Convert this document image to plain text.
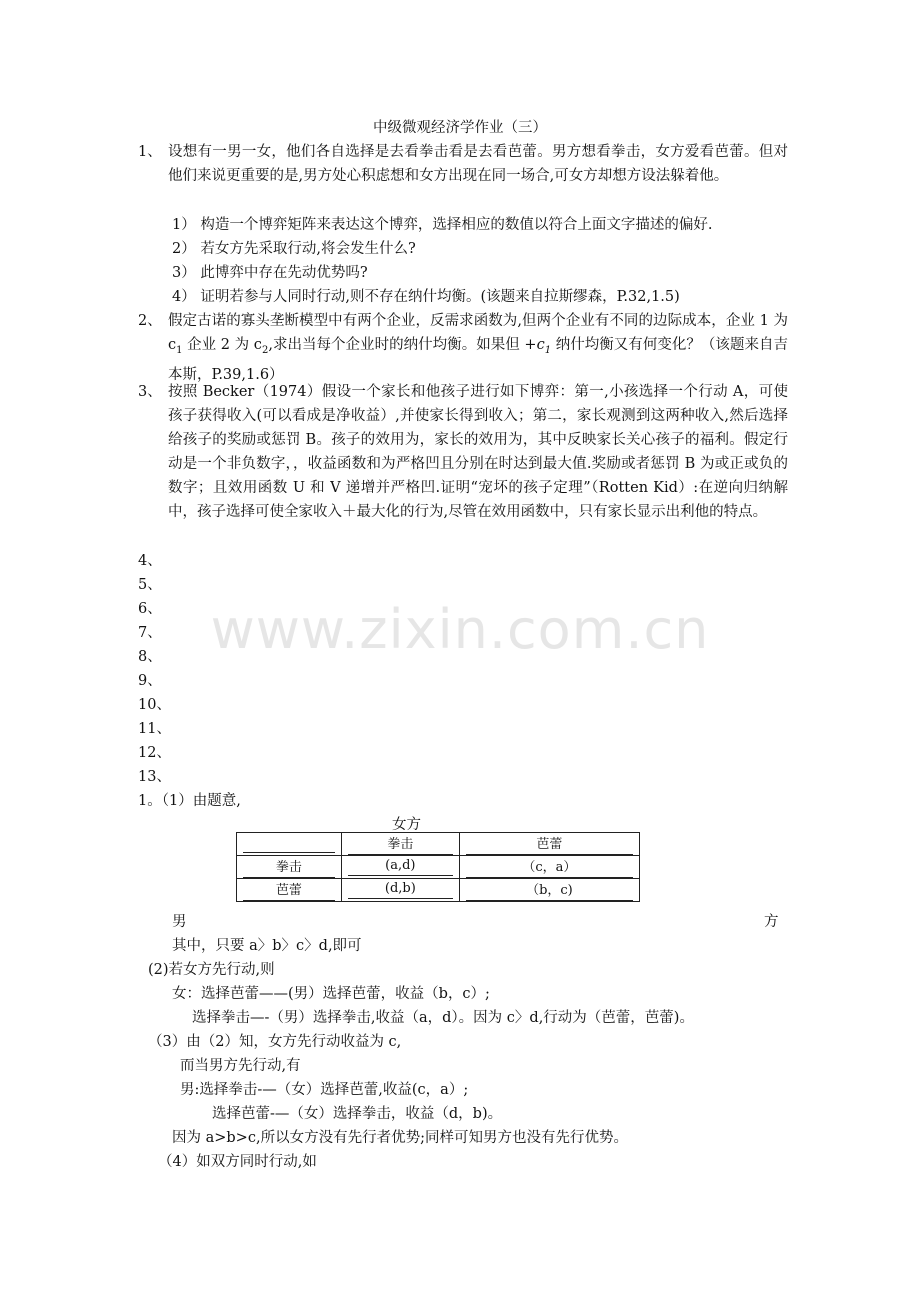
中级微观经济学作业（三）
1、 设想有一男一女，他们各自选择是去看拳击看是去看芭蕾。男方想看拳击，女方爱看芭蕾。但对他们来说更重要的是,男方处心积虑想和女方出现在同一场合,可女方却想方设法躲着他。
1） 构造一个博弈矩阵来表达这个博弈，选择相应的数值以符合上面文字描述的偏好.
2） 若女方先采取行动,将会发生什么?
3） 此博弈中存在先动优势吗?
4） 证明若参与人同时行动,则不存在纳什均衡。(该题来自拉斯缪森，P.32,1.5)
2、 假定古诺的寡头垄断模型中有两个企业，反需求函数为,但两个企业有不同的边际成本，企业 1 为 $c_1$ 企业 2 为 $c_2$,求出当每个企业时的纳什均衡。如果但 $+c_1$ 纳什均衡又有何变化？（该题来自吉本斯，P.39,1.6）
3、 按照 Becker（1974）假设一个家长和他孩子进行如下博弈：第一,小孩选择一个行动 A，可使孩子获得收入(可以看成是净收益）,并使家长得到收入；第二，家长观测到这两种收入,然后选择给孩子的奖励或惩罚 B。孩子的效用为，家长的效用为，其中反映家长关心孩子的福利。假定行动是一个非负数字，，收益函数和为严格凹且分别在时达到最大值.奖励或者惩罚 B 为或正或负的数字；且效用函数 U 和 V 递增并严格凹.证明“宠坏的孩子定理”（Rotten Kid）:在逆向归纳解中，孩子选择可使全家收入＋最大化的行为,尽管在效用函数中，只有家长显示出利他的特点。
4、
5、
6、
7、
8、
9、
10、
11、
12、
13、
www.zixin.com.cn
1。（1）由题意,
女方

	拳击	芭蕾

拳击	(a,d)	（c，a）

芭蕾	(d,b)	（b，c)
男	方
其中，只要 a〉b〉c〉d,即可
(2)若女方先行动,则
女：选择芭蕾——(男）选择芭蕾，收益（b，c）;
选择拳击—-（男）选择拳击,收益（a，d）。因为 c〉d,行动为（芭蕾，芭蕾)。
（3）由（2）知，女方先行动收益为 c,
而当男方先行动,有
男:选择拳击-—（女）选择芭蕾,收益(c，a）;
选择芭蕾-—（女）选择拳击，收益（d，b)。
因为 a>b>c,所以女方没有先行者优势;同样可知男方也没有先行优势。
（4）如双方同时行动,如
